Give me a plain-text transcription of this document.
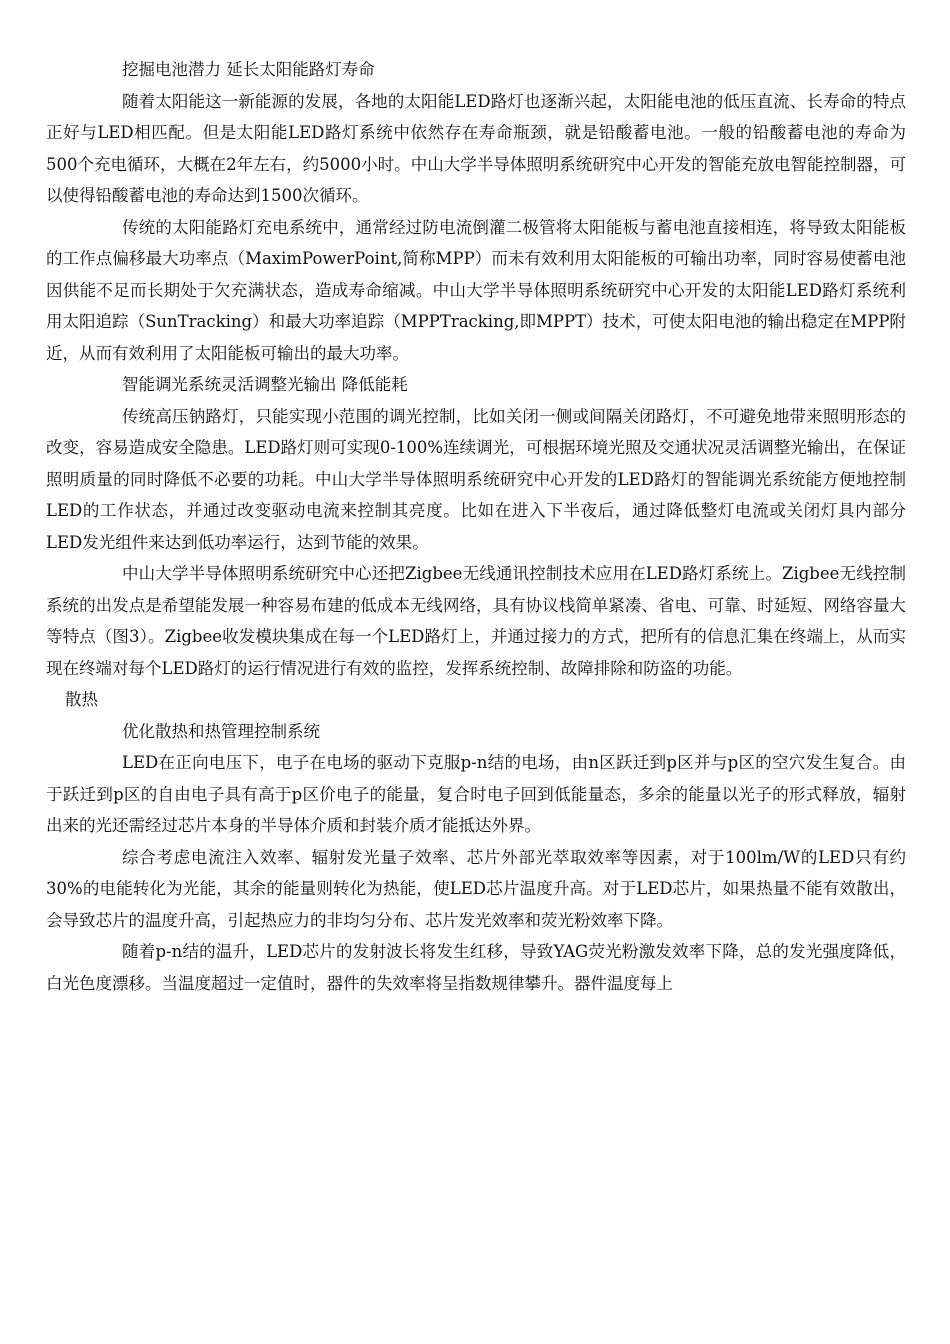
挖掘电池潜力 延长太阳能路灯寿命

随着太阳能这一新能源的发展，各地的太阳能LED路灯也逐渐兴起，太阳能电池的低压直流、长寿命的特点正好与LED相匹配。但是太阳能LED路灯系统中依然存在寿命瓶颈，就是铅酸蓄电池。一般的铅酸蓄电池的寿命为500个充电循环，大概在2年左右，约5000小时。中山大学半导体照明系统研究中心开发的智能充放电智能控制器，可以使得铅酸蓄电池的寿命达到1500次循环。

传统的太阳能路灯充电系统中，通常经过防电流倒灌二极管将太阳能板与蓄电池直接相连，将导致太阳能板的工作点偏移最大功率点（MaximPowerPoint,简称MPP）而未有效利用太阳能板的可输出功率，同时容易使蓄电池因供能不足而长期处于欠充满状态，造成寿命缩减。中山大学半导体照明系统研究中心开发的太阳能LED路灯系统利用太阳追踪（SunTracking）和最大功率追踪（MPPTracking,即MPPT）技术，可使太阳电池的输出稳定在MPP附近，从而有效利用了太阳能板可输出的最大功率。

智能调光系统灵活调整光输出 降低能耗

传统高压钠路灯，只能实现小范围的调光控制，比如关闭一侧或间隔关闭路灯，不可避免地带来照明形态的改变，容易造成安全隐患。LED路灯则可实现0-100%连续调光，可根据环境光照及交通状况灵活调整光输出，在保证照明质量的同时降低不必要的功耗。中山大学半导体照明系统研究中心开发的LED路灯的智能调光系统能方便地控制LED的工作状态，并通过改变驱动电流来控制其亮度。比如在进入下半夜后，通过降低整灯电流或关闭灯具内部分LED发光组件来达到低功率运行，达到节能的效果。

中山大学半导体照明系统研究中心还把Zigbee无线通讯控制技术应用在LED路灯系统上。Zigbee无线控制系统的出发点是希望能发展一种容易布建的低成本无线网络，具有协议栈简单紧凑、省电、可靠、时延短、网络容量大等特点（图3）。Zigbee收发模块集成在每一个LED路灯上，并通过接力的方式，把所有的信息汇集在终端上，从而实现在终端对每个LED路灯的运行情况进行有效的监控，发挥系统控制、故障排除和防盗的功能。

散热

优化散热和热管理控制系统

LED在正向电压下，电子在电场的驱动下克服p-n结的电场，由n区跃迁到p区并与p区的空穴发生复合。由于跃迁到p区的自由电子具有高于p区价电子的能量，复合时电子回到低能量态，多余的能量以光子的形式释放，辐射出来的光还需经过芯片本身的半导体介质和封装介质才能抵达外界。

综合考虑电流注入效率、辐射发光量子效率、芯片外部光萃取效率等因素，对于100lm/W的LED只有约30%的电能转化为光能，其余的能量则转化为热能，使LED芯片温度升高。对于LED芯片，如果热量不能有效散出，会导致芯片的温度升高，引起热应力的非均匀分布、芯片发光效率和荧光粉效率下降。

随着p-n结的温升，LED芯片的发射波长将发生红移，导致YAG荧光粉激发效率下降，总的发光强度降低，白光色度漂移。当温度超过一定值时，器件的失效率将呈指数规律攀升。器件温度每上
